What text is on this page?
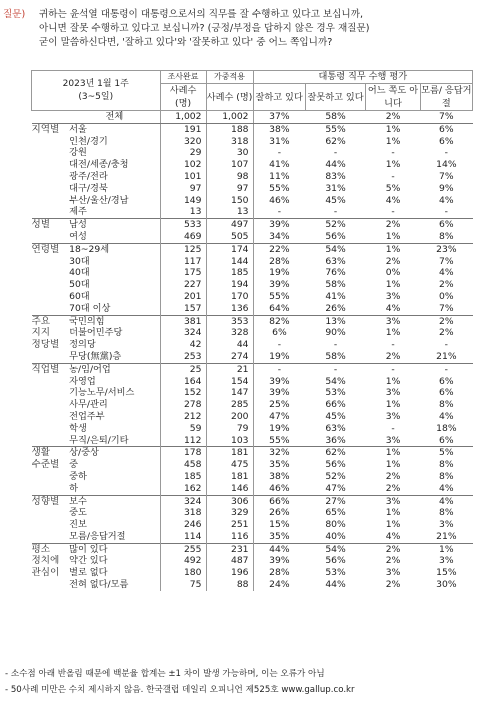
질문) 귀하는 윤석열 대통령이 대통령으로서의 직무를 잘 수행하고 있다고 보십니까,
아니면 잘못 수행하고 있다고 보십니까? (긍정/부정을 답하지 않은 경우 재질문)
굳이 말씀하신다면, '잘하고 있다'와 '잘못하고 있다' 중 어느 쪽입니까?
2023년 1월 1주
(3~5일)		조사완료	가중적용	대통령 직무 수행 평가			
		사례수 (명)	사례수 (명)	잘하고 있다	잘못하고 있다	어느 쪽도 아니다	모름/ 응답거절

	전체	1,002	1,002	37%	58%	2%	7%
지역별	서울	191	188	38%	55%	1%	6%
	인천/경기	320	318	31%	62%	1%	6%
	강원	29	30	-	-	-	-
	대전/세종/충청	102	107	41%	44%	1%	14%
	광주/전라	101	98	11%	83%	-	7%
	대구/경북	97	97	55%	31%	5%	9%
	부산/울산/경남	149	150	46%	45%	4%	4%
	제주	13	13	-	-	-	-
성별	남성	533	497	39%	52%	2%	6%
	여성	469	505	34%	56%	1%	8%
연령별	18~29세	125	174	22%	54%	1%	23%
	30대	117	144	28%	63%	2%	7%
	40대	175	185	19%	76%	0%	4%
	50대	227	194	39%	58%	1%	2%
	60대	201	170	55%	41%	3%	0%
	70대 이상	157	136	64%	26%	4%	7%
주요	국민의힘	381	353	82%	13%	3%	2%
지지	더불어민주당	324	328	6%	90%	1%	2%
정당별	정의당	42	44	-	-	-	-
	무당(無黨)층	253	274	19%	58%	2%	21%
직업별	농/임/어업	25	21	-	-	-	-
	자영업	164	154	39%	54%	1%	6%
	기능노무/서비스	152	147	39%	53%	3%	6%
	사무/관리	278	285	25%	66%	1%	8%
	전업주부	212	200	47%	45%	3%	4%
	학생	59	79	19%	63%	-	18%
	무직/은퇴/기타	112	103	55%	36%	3%	6%
생활	상/중상	178	181	32%	62%	1%	5%
수준별	중	458	475	35%	56%	1%	8%
	중하	185	181	38%	52%	2%	8%
	하	162	146	46%	47%	2%	4%
성향별	보수	324	306	66%	27%	3%	4%
	중도	318	329	26%	65%	1%	8%
	진보	246	251	15%	80%	1%	3%
	모름/응답거절	114	116	35%	40%	4%	21%
평소	많이 있다	255	231	44%	54%	2%	1%
정치에	약간 있다	492	487	39%	56%	2%	3%
관심이	별로 없다	180	196	28%	53%	3%	15%
	전혀 없다/모름	75	88	24%	44%	2%	30%
- 소수점 아래 반올림 때문에 백분율 합계는 ±1 차이 발생 가능하며, 이는 오류가 아님
- 50사례 미만은 수치 제시하지 않음. 한국갤럽 데일리 오피니언 제525호 www.gallup.co.kr
